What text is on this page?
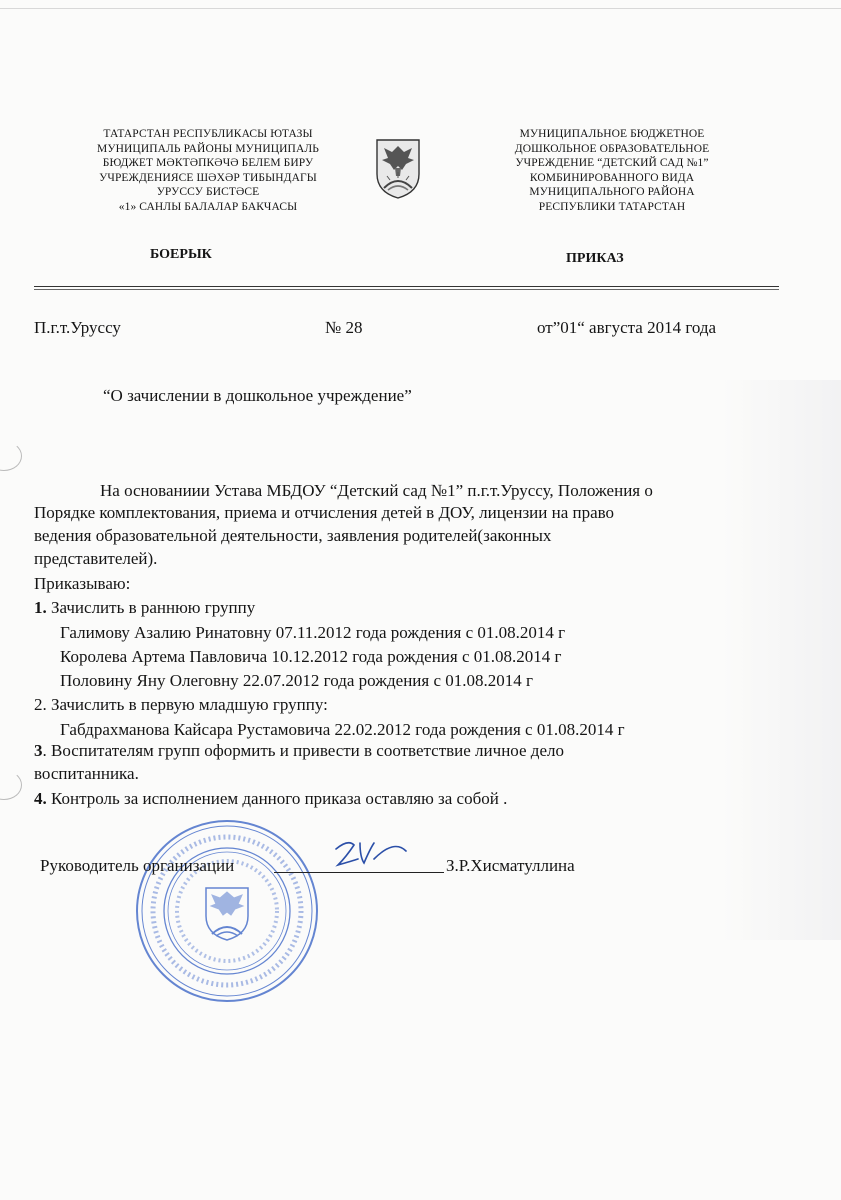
ТАТАРСТАН РЕСПУБЛИКАСЫ ЮТАЗЫ
МУНИЦИПАЛЬ РАЙОНЫ МУНИЦИПАЛЬ
БЮДЖЕТ МӘКТӘПКӘЧӘ БЕЛЕМ БИРУ
УЧРЕЖДЕНИЯСЕ ШӘХӘР ТИБЫНДАГЫ
УРУССУ БИСТӘСЕ
«1» САНЛЫ БАЛАЛАР БАКЧАСЫ
МУНИЦИПАЛЬНОЕ БЮДЖЕТНОЕ
ДОШКОЛЬНОЕ ОБРАЗОВАТЕЛЬНОЕ
УЧРЕЖДЕНИЕ “ДЕТСКИЙ САД №1”
КОМБИНИРОВАННОГО ВИДА
МУНИЦИПАЛЬНОГО РАЙОНА
РЕСПУБЛИКИ ТАТАРСТАН
БОЕРЫК	ПРИКАЗ
П.г.т.Уруссу	№ 28	от”01“ августа 2014 года
“О зачислении в дошкольное учреждение”
На основаниии Устава МБДОУ “Детский сад №1” п.г.т.Уруссу, Положения о
Порядке комплектования, приема и отчисления детей в ДОУ, лицензии на право
ведения образовательной деятельности, заявления родителей(законных
представителей).
Приказываю:
1. Зачислить в раннюю группу
Галимову Азалию Ринатовну 07.11.2012 года рождения с 01.08.2014 г
Королева Артема Павловича 10.12.2012 года рождения с 01.08.2014 г
Половину Яну Олеговну 22.07.2012 года рождения с 01.08.2014 г
2. Зачислить в первую младшую группу:
Габдрахманова Кайсара Рустамовича 22.02.2012 года рождения с 01.08.2014 г
3. Воспитателям групп оформить и привести в соответствие личное дело
воспитанника.
4. Контроль за исполнением данного приказа оставляю за собой .
Руководитель организации	З.Р.Хисматуллина
